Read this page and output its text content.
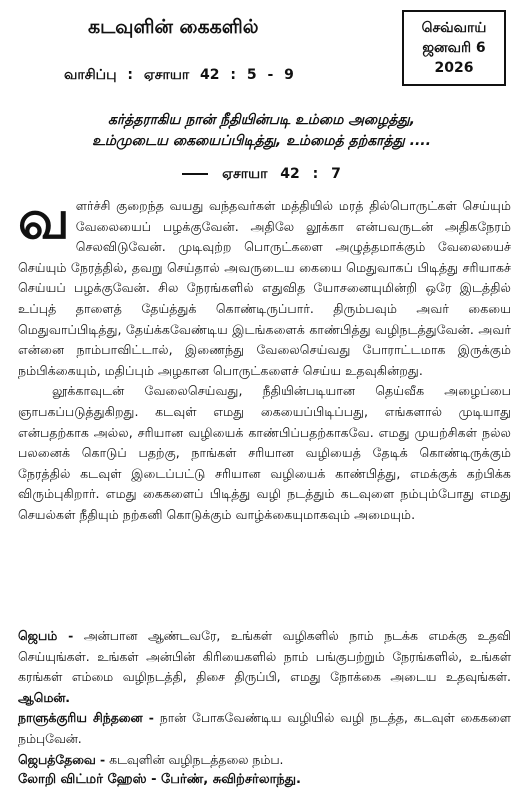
கடவுளின் கைகளில்
வாசிப்பு : ஏசாயா 42 : 5 - 9
செவ்வாய்
ஜனவரி 6
2026
கர்த்தராகிய நான் நீதியின்படி உம்மை அழைத்து,
உம்முடைய கையைப்பிடித்து, உம்மைத் தற்காத்து ....
ஏசாயா 42 : 7

வளர்ச்சி குறைந்த வயது வந்தவர்கள் மத்தியில் மரத் தில்பொருட்கள் செய்யும் வேலையைப் பழக்குவேன். அதிலே லூக்கா என்பவருடன் அதிகநேரம் செலவிடுவேன். முடிவுற்ற பொருட்களை அழுத்தமாக்கும் வேலையைச் செய்யும் நேரத்தில், தவறு செய்தால் அவருடைய கையை மெதுவாகப் பிடித்து சரியாகச் செய்யப் பழக்குவேன். சில நேரங்களில் எதுவித யோசனையுமின்றி ஒரே இடத்தில் உப்புத் தாளைத் தேய்த்துக் கொண்டிருப்பார். திரும்பவும் அவர் கையை மெதுவாப்பிடித்து, தேய்க்கவேண்டிய இடங்களைக் காண்பித்து வழிநடத்துவேன். அவர் என்னை நாம்பாவிட்டால், இணைந்து வேலைசெய்வது போராட்டமாக இருக்கும் நம்பிக்கையும், மதிப்பும் அழகான பொருட்களைச் செய்ய உதவுகின்றது.

லூக்காவுடன் வேலைசெய்வது, நீதியின்படியான தெய்வீக அழைப்பை ஞாபகப்படுத்துகிறது. கடவுள் எமது கையைப்பிடிப்பது, எங்களால் முடியாது என்பதற்காக அல்ல, சரியான வழியைக் காண்பிப்பதற்காகவே. எமது முயற்சிகள் நல்ல பலனைக் கொடுப் பதற்கு, நாங்கள் சரியான வழியைத் தேடிக் கொண்டிருக்கும் நேரத்தில் கடவுள் இடைப்பட்டு சரியான வழியைக் காண்பித்து, எமக்குக் கற்பிக்க விரும்புகிறார். எமது கைகளைப் பிடித்து வழி நடத்தும் கடவுளை நம்பும்போது எமது செயல்கள் நீதியும் நற்கனி கொடுக்கும் வாழ்க்கையுமாகவும் அமையும்.

ஜெபம் - அன்பான ஆண்டவரே, உங்கள் வழிகளில் நாம் நடக்க எமக்கு உதவி செய்யுங்கள். உங்கள் அன்பின் கிரியைகளில் நாம் பங்குபற்றும் நேரங்களில், உங்கள் கரங்கள் எம்மை வழிநடத்தி, திசை திருப்பி, எமது நோக்கை அடைய உதவுங்கள். ஆமென்.

நாளுக்குரிய சிந்தனை - நான் போகவேண்டிய வழியில் வழி நடத்த, கடவுள் கைகளை நம்புவேன்.

ஜெபத்தேவை - கடவுளின் வழிநடத்தலை நம்ப.

லோறி விட்மர் ஹேஸ் - பேர்ண், சுவிற்சர்லாந்து.
